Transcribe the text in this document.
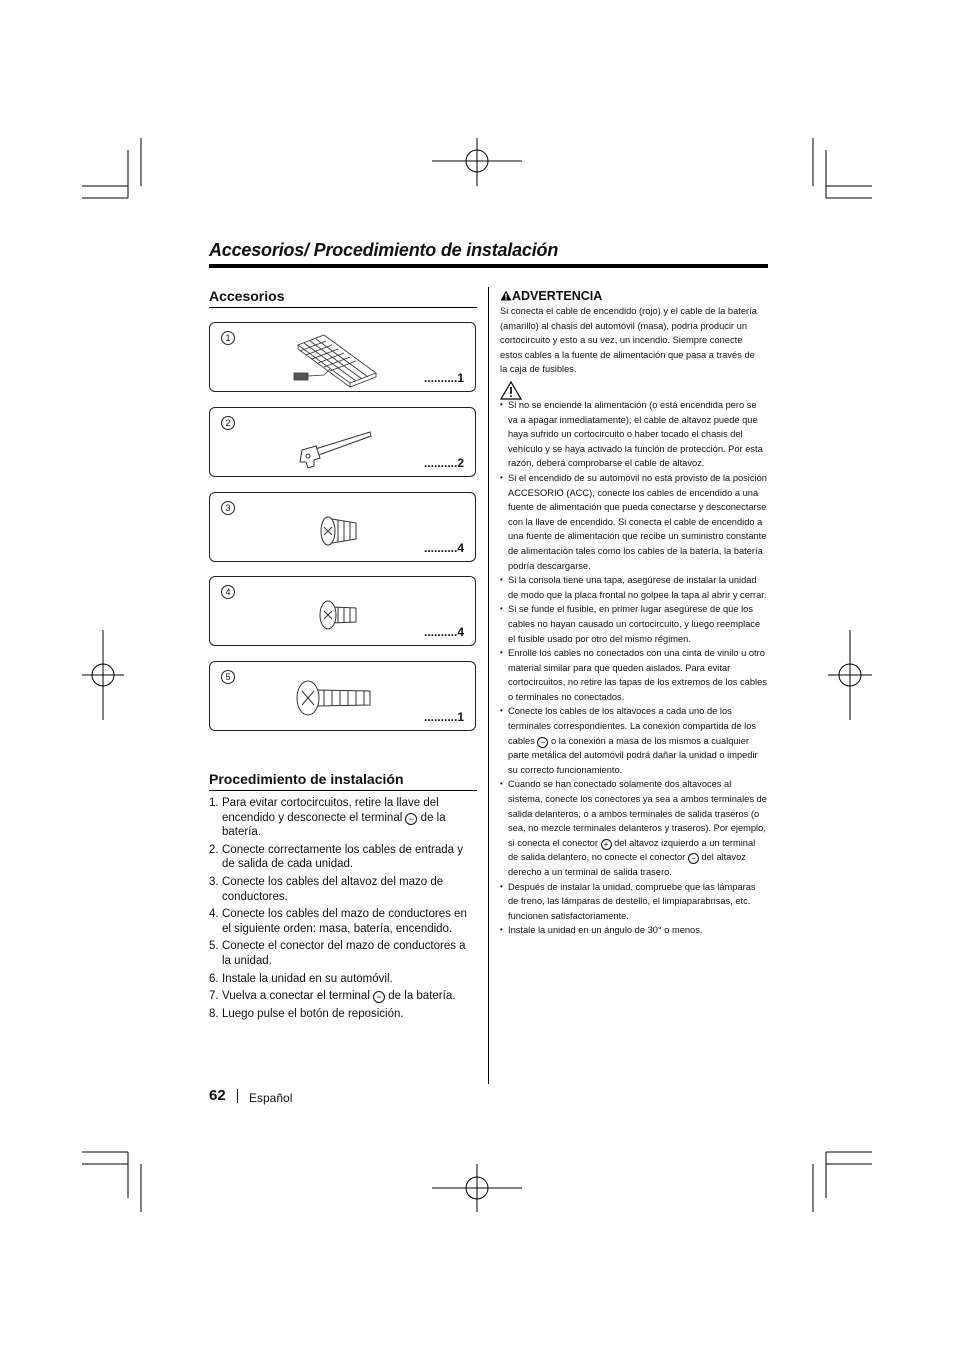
Accesorios/ Procedimiento de instalación
Accesorios
1
..........1
2
..........2
3
..........4
4
..........4
5
..........1
Procedimiento de instalación
1. Para evitar cortocircuitos, retire la llave del encendido y desconecte el terminal − de la batería.
2. Conecte correctamente los cables de entrada y de salida de cada unidad.
3. Conecte los cables del altavoz del mazo de conductores.
4. Conecte los cables del mazo de conductores en el siguiente orden: masa, batería, encendido.
5. Conecte el conector del mazo de conductores a la unidad.
6. Instale la unidad en su automóvil.
7. Vuelva a conectar el terminal − de la batería.
8. Luego pulse el botón de reposición.
ADVERTENCIA

Si conecta el cable de encendido (rojo) y el cable de la batería (amarillo) al chasis del automóvil (masa), podría producir un cortocircuito y esto a su vez, un incendio. Siempre conecte estos cables a la fuente de alimentación que pasa a través de la caja de fusibles.

• Si no se enciende la alimentación (o está encendida pero se va a apagar inmediatamente), el cable de altavoz puede que haya sufrido un cortocircuito o haber tocado el chasis del vehículo y se haya activado la función de protección. Por esta razón, deberá comprobarse el cable de altavoz.
• Si el encendido de su automóvil no está provisto de la posición ACCESORIO (ACC), conecte los cables de encendido a una fuente de alimentación que pueda conectarse y desconectarse con la llave de encendido. Si conecta el cable de encendido a una fuente de alimentación que recibe un suministro constante de alimentación tales como los cables de la batería, la batería podría descargarse.
• Si la consola tiene una tapa, asegúrese de instalar la unidad de modo que la placa frontal no golpee la tapa al abrir y cerrar.
• Si se funde el fusible, en primer lugar asegúrese de que los cables no hayan causado un cortocircuito, y luego reemplace el fusible usado por otro del mismo régimen.
• Enrolle los cables no conectados con una cinta de vinilo u otro material similar para que queden aislados. Para evitar cortocircuitos, no retire las tapas de los extremos de los cables o terminales no conectados.
• Conecte los cables de los altavoces a cada uno de los terminales correspondientes. La conexión compartida de los cables − o la conexión a masa de los mismos a cualquier parte metálica del automóvil podrá dañar la unidad o impedir su correcto funcionamiento.
• Cuando se han conectado solamente dos altavoces al sistema, conecte los conectores ya sea a ambos terminales de salida delanteros, o a ambos terminales de salida traseros (o sea, no mezcle terminales delanteros y traseros). Por ejemplo, si conecta el conector + del altavoz izquierdo a un terminal de salida delantero, no conecte el conector − del altavoz derecho a un terminal de salida trasero.
• Después de instalar la unidad, compruebe que las lámparas de freno, las lámparas de destello, el limpiaparabrisas, etc. funcionen satisfactoriamente.
• Instale la unidad en un ángulo de 30° o menos.
62 Español
